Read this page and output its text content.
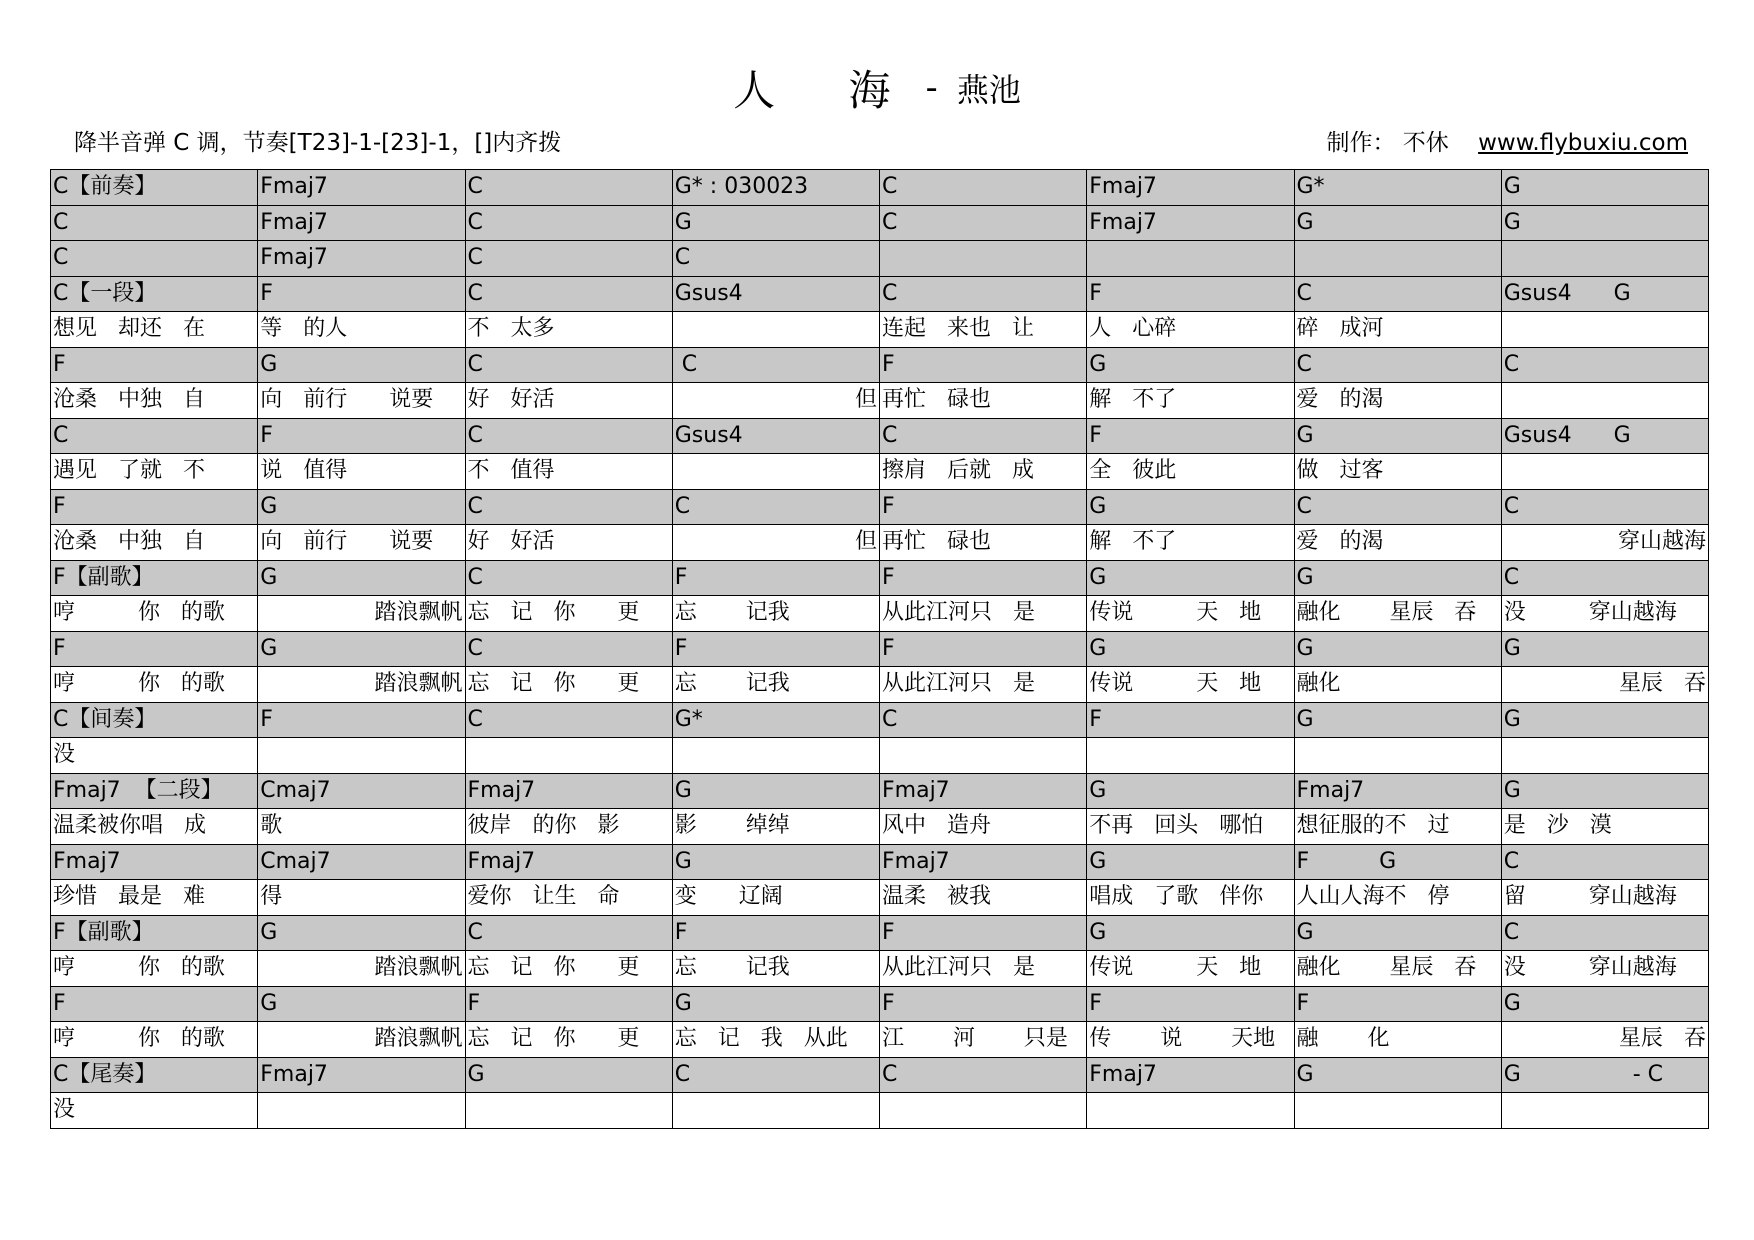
人 海 - 燕池
降半音弹 C 调，节奏[T23]-1-[23]-1，[]内齐拨	制作： 不休 www.flybuxiu.com
C【前奏】	Fmaj7	C	G* : 030023	C	Fmaj7	G*	G
C	Fmaj7	C	G	C	Fmaj7	G	G
C	Fmaj7	C	C				
C【一段】	F	C	Gsus4	C	F	C	Gsus4      G
想见   却还   在	等   的人	不   太多		连起   来也   让	人   心碎	碎   成河	
F	G	C	C	F	G	C	C
沧桑   中独   自	向   前行      说要	好   好活	但	再忙   碌也	解   不了	爱   的渴	
C	F	C	Gsus4	C	F	G	Gsus4      G
遇见   了就   不	说   值得	不   值得		擦肩   后就   成	全   彼此	做   过客	
F	G	C	C	F	G	C	C
沧桑   中独   自	向   前行      说要	好   好活	但	再忙   碌也	解   不了	爱   的渴	穿山越海
F【副歌】	G	C	F	F	G	G	C
哼         你   的歌	踏浪飘帆	忘   记   你      更	忘       记我	从此江河只   是	传说         天   地	融化       星辰   吞	没         穿山越海
F	G	C	F	F	G	G	G
哼         你   的歌	踏浪飘帆	忘   记   你      更	忘       记我	从此江河只   是	传说         天   地	融化	星辰   吞
C【间奏】	F	C	G*	C	F	G	G
没							
Fmaj7  【二段】	Cmaj7	Fmaj7	G	Fmaj7	G	Fmaj7	G
温柔被你唱   成	歌	彼岸   的你   影	影       绰绰	风中   造舟	不再   回头   哪怕	想征服的不   过	是   沙   漠
Fmaj7	Cmaj7	Fmaj7	G	Fmaj7	G	F          G	C
珍惜   最是   难	得	爱你   让生   命	变      辽阔	温柔   被我	唱成   了歌   伴你	人山人海不   停	留         穿山越海
F【副歌】	G	C	F	F	G	G	C
哼         你   的歌	踏浪飘帆	忘   记   你      更	忘       记我	从此江河只   是	传说         天   地	融化       星辰   吞	没         穿山越海
F	G	F	G	F	F	F	G
哼         你   的歌	踏浪飘帆	忘   记   你      更	忘   记   我   从此	江       河       只是	传       说       天地	融       化	星辰   吞
C【尾奏】	Fmaj7	G	C	C	Fmaj7	G	G                - C
没							
